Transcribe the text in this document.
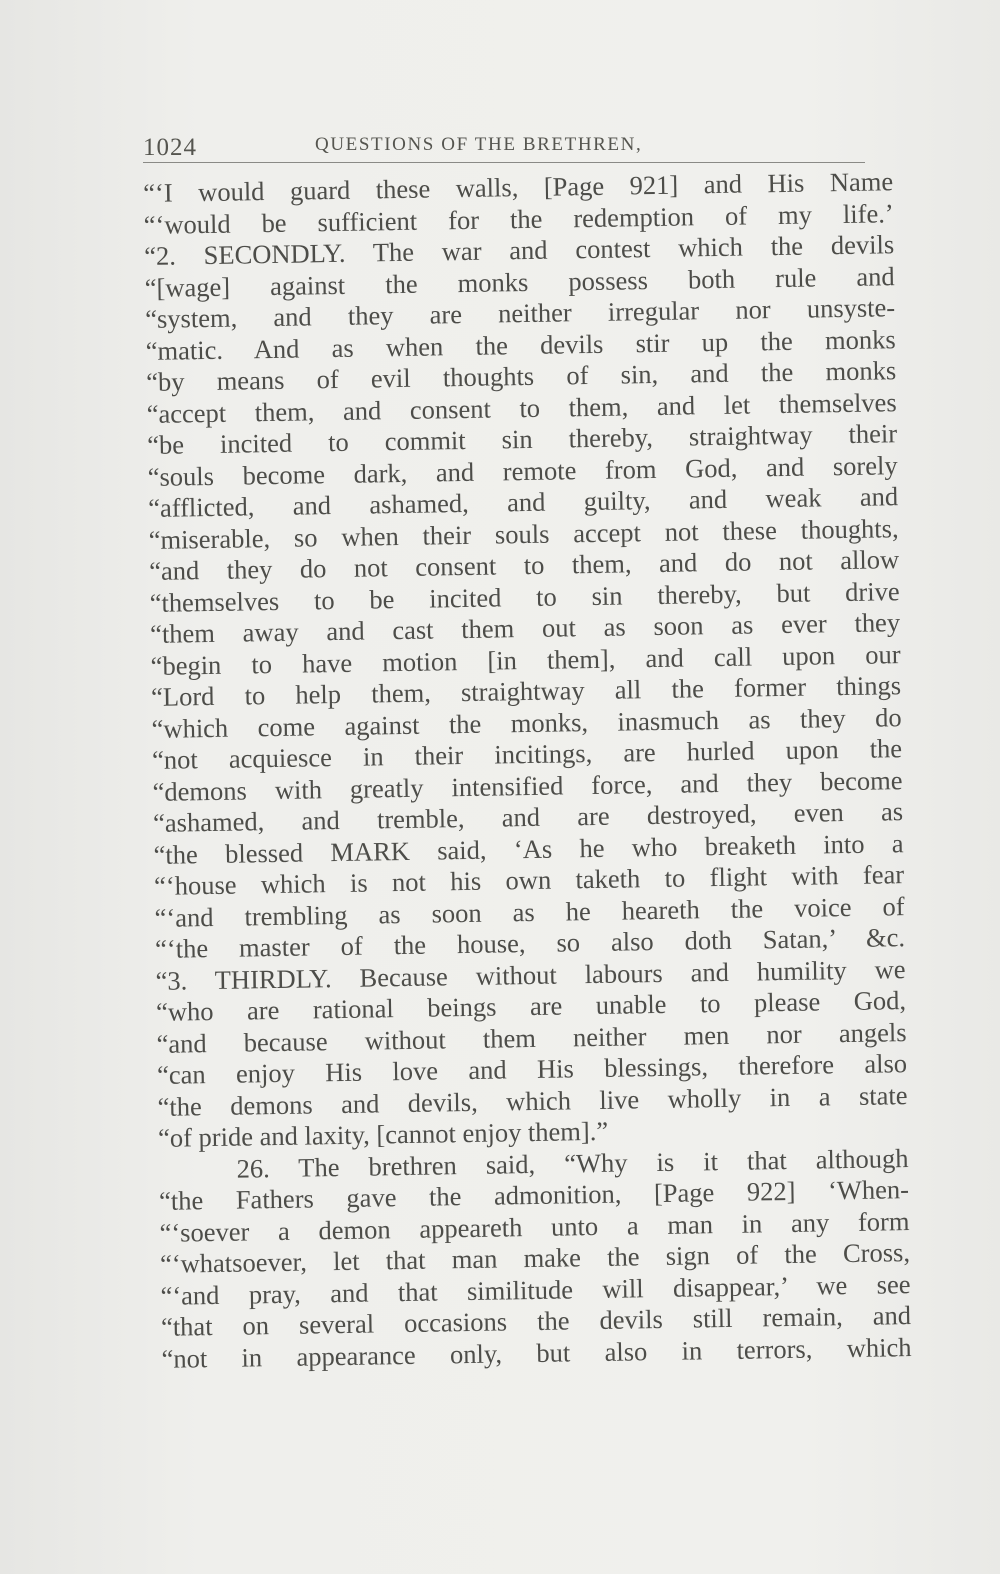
1024	QUESTIONS OF THE BRETHREN,
“‘I would guard these walls, [Page 921] and His Name
“‘would be sufficient for the redemption of my life.’
“2. SECONDLY. The war and contest which the devils
“[wage] against the monks possess both rule and
“system, and they are neither irregular nor unsyste-
“matic. And as when the devils stir up the monks
“by means of evil thoughts of sin, and the monks
“accept them, and consent to them, and let themselves
“be incited to commit sin thereby, straightway their
“souls become dark, and remote from God, and sorely
“afflicted, and ashamed, and guilty, and weak and
“miserable, so when their souls accept not these thoughts,
“and they do not consent to them, and do not allow
“themselves to be incited to sin thereby, but drive
“them away and cast them out as soon as ever they
“begin to have motion [in them], and call upon our
“Lord to help them, straightway all the former things
“which come against the monks, inasmuch as they do
“not acquiesce in their incitings, are hurled upon the
“demons with greatly intensified force, and they become
“ashamed, and tremble, and are destroyed, even as
“the blessed MARK said, ‘As he who breaketh into a
“‘house which is not his own taketh to flight with fear
“‘and trembling as soon as he heareth the voice of
“‘the master of the house, so also doth Satan,’ &c.
“3. THIRDLY. Because without labours and humility we
“who are rational beings are unable to please God,
“and because without them neither men nor angels
“can enjoy His love and His blessings, therefore also
“the demons and devils, which live wholly in a state
“of pride and laxity, [cannot enjoy them].”
26. The brethren said, “Why is it that although
“the Fathers gave the admonition, [Page 922] ‘When-
“‘soever a demon appeareth unto a man in any form
“‘whatsoever, let that man make the sign of the Cross,
“‘and pray, and that similitude will disappear,’ we see
“that on several occasions the devils still remain, and
“not in appearance only, but also in terrors, which
